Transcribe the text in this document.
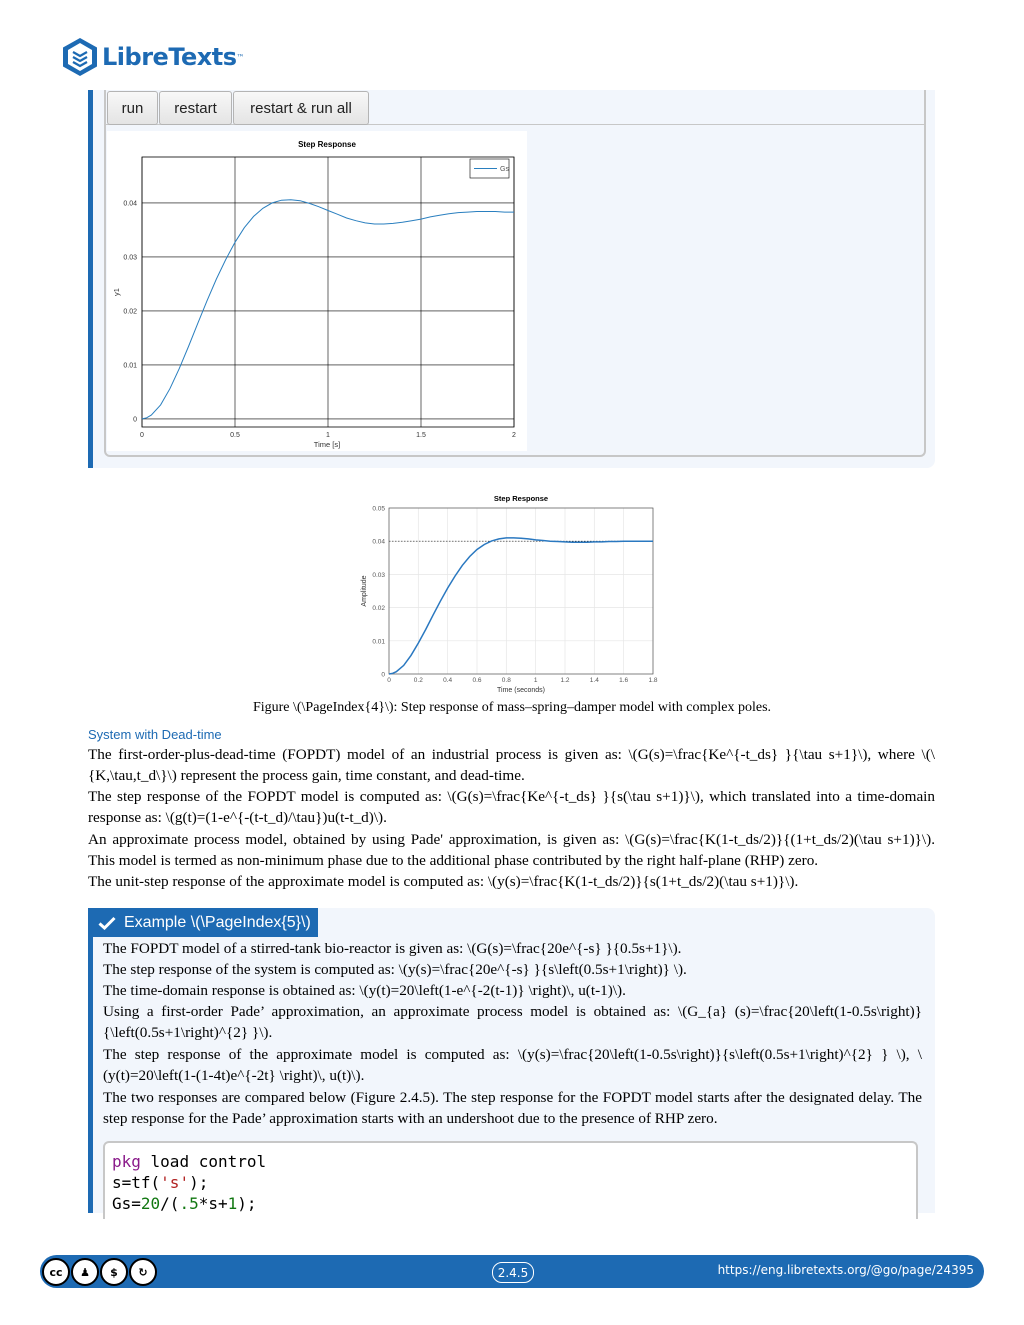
LibreTexts ™
run	restart	restart & run all
Step Response
0	0.5	1	1.5	2
0
0.01
0.02
0.03
0.04
Gs
Time [s]
y1
Step Response
0	0.2	0.4	0.6	0.8	1	1.2	1.4	1.6	1.8
0
0.01
0.02
0.03
0.04
0.05
Time (seconds)
Amplitude
Figure \(\PageIndex{4}\): Step response of mass–spring–damper model with complex poles.
System with Dead-time
The first-order-plus-dead-time (FOPDT) model of an industrial process is given as: \(G(s)=\frac{Ke^{-t_ds} }{\tau s+1}\), where \(\{K,\tau,t_d\}\) represent the process gain, time constant, and dead-time.
The step response of the FOPDT model is computed as: \(G(s)=\frac{Ke^{-t_ds} }{s(\tau s+1)}\), which translated into a time-domain response as: \(g(t)=(1-e^{-(t-t_d)/\tau})u(t-t_d)\).
An approximate process model, obtained by using Pade' approximation, is given as: \(G(s)=\frac{K(1-t_ds/2)}{(1+t_ds/2)(\tau s+1)}\). This model is termed as non-minimum phase due to the additional phase contributed by the right half-plane (RHP) zero.
The unit-step response of the approximate model is computed as: \(y(s)=\frac{K(1-t_ds/2)}{s(1+t_ds/2)(\tau s+1)}\).
Example \(\PageIndex{5}\)
The FOPDT model of a stirred-tank bio-reactor is given as: \(G(s)=\frac{20e^{-s} }{0.5s+1}\).
The step response of the system is computed as: \(y(s)=\frac{20e^{-s} }{s\left(0.5s+1\right)} \).
The time-domain response is obtained as: \(y(t)=20\left(1-e^{-2(t-1)} \right)\, u(t-1)\).
Using a first-order Pade’ approximation, an approximate process model is obtained as: \(G_{a} (s)=\frac{20\left(1-0.5s\right)}{\left(0.5s+1\right)^{2} }\).
The step response of the approximate model is computed as: \(y(s)=\frac{20\left(1-0.5s\right)}{s\left(0.5s+1\right)^{2} } \), \(y(t)=20\left(1-(1-4t)e^{-2t} \right)\, u(t)\).
The two responses are compared below (Figure 2.4.5). The step response for the FOPDT model starts after the designated delay. The step response for the Pade’ approximation starts with an undershoot due to the presence of RHP zero.
pkg load control
s=tf('s');
Gs=20/(.5*s+1);
cc	♟	$	↻	2.4.5	https://eng.libretexts.org/@go/page/24395
